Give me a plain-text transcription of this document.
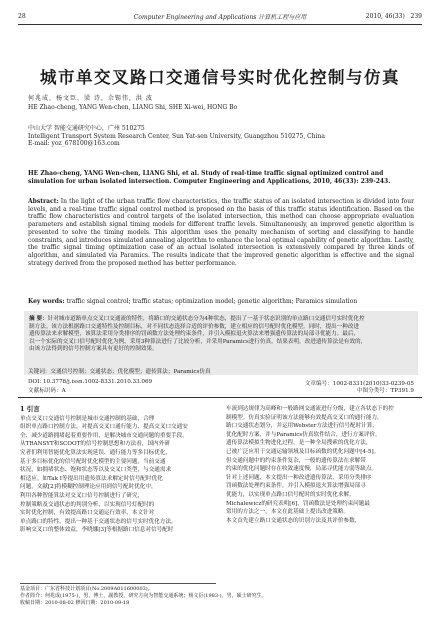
28	Computer Engineering and Applications 计算机工程与应用	2010, 46(33) 239
城市单交叉路口交通信号实时优化控制与仿真
何兆成，杨文臣，梁 诗，佘锡伟，洪 波
HE Zhao-cheng, YANG Wen-chen, LIANG Shi, SHE Xi-wei, HONG Bo
中山大学 智能交通研究中心，广州 510275
Intelligent Transport System Research Center, Sun Yat-sen University, Guangzhou 510275, China
E-mail: yoz_678100@163.com
HE Zhao-cheng, YANG Wen-chen, LIANG Shi, et al. Study of real-time traffic signal optimized control and simulation for urban isolated intersection. Computer Engineering and Applications, 2010, 46(33): 239-243.
Abstract: In the light of the urban traffic flow characteristics, the traffic status of an isolated intersection is divided into four levels, and a real-time traffic signal control method is proposed on the basis of this traffic status identification. Based on the traffic flow characteristics and control targets of the isolated intersection, this method can choose appropriate evaluation parameters and establish signal timing models for different traffic levels. Simultaneously, an improved genetic algorithm is presented to solve the timing models. This algorithm uses the penalty mechanism of sorting and classifying to handle constraints, and introduces simulated annealing algorithm to enhance the local optimal capability of genetic algorithm. Lastly, the traffic signal timing optimization case of an actual isolated intersection is extensively compared by three kinds of algorithm, and simulated via Paramics. The results indicate that the improved genetic algorithm is effective and the signal strategy derived from the proposed method has better performance.
Key words: traffic signal control; traffic status; optimization model; genetic algorithm; Paramics simulation
摘 要：针对城市道路单点交叉口交通流的特性，将路口的交通状态分为4种状态，提出了一基于状态识别的单点路口交通信号实时优化控
制方法。该方法根据路口交通特性及控制目标，对不同状态选择合适的评价参数，建立相应的信号配时优化模型。同时，提出一种改进
遗传算法来求解模型，该算法采用分类排序的罚函数方法处理约束条件，并引入模拟退火算法来增强遗传算法的局部寻优能力。最后，
以一个实际的交叉口信号配时优化为例，采用3种算法进行了比较分析，并采用Paramics进行仿真。结果表明，改进遗传算法是有效的，
由该方法得到的信号控制方案具有更好的控制效果。
关键词：交通信号控制；交通状态；优化模型；遗传算法；Paramics仿真
DOI: 10.3778/j.issn.1002-8331.2010.33.069	文章编号：1002-8331(2010)33-0239-05
文献标识码：A	中图分类号：TP391.9
1 引言
单点交叉口交通信号控制是城市交通控制的基础，合理
组织单点路口控制方法，对提高交叉口通行能力、提高交叉口交通安
全、减少道路拥堵起着重要作用，是解决城市交通问题的重要手段。
从TRANSYT和SCOOT的信号控制思想和方法看，国内外研
究者们利用智能优化算法实现延误、通行能力等多目标优化，
基于多目标优化的信号配时优化模型的主要问题，当前交通
状况，如拥堵状态、饱和状态等以及交叉口类型，与交通需求
相适应。如Tak Ⅰ等提出用遗传算法求解定时信号配时优化
问题，文献[2]将模糊控制理论应用到信号配时优化中，
利用各种智能算法对交叉口信号控制进行了研究，
控制策略及交通状态的判别分析，以实现信号灯配时的
实时优化控制，有效提高路口交通运行效率，本文针对
单点路口的特性，提出一种基于交通状态的信号实时优化方法，
影响交叉口的整体效益，李晓娜[3]等根据路口信息对信号配时
车流到达规律为高峰和一般路网交通流进行分级，建立各状态下的控
制模型。仿真实验证明该方法能够有效提高交叉口的通行能力，
路口交通状态划分，并运用Webster方法进行信号配时计算，
优化配时方案，并与Paramics仿真软件结合，进行方案评价。
遗传算法模拟生物进化过程，是一种全局搜索的优化方法，
已被广泛应用于交通运输领域及目标函数的优化问题中[4-5]。
但交通问题中的约束条件复杂，一般的遗传算法在求解带
约束的优化问题时存在收敛速度慢，局部寻优能力弱等缺点。
针对上述问题，本文提出一种改进遗传算法，采用分类排序
罚函数法处理约束条件，并引入模拟退火算法增强局部寻
优能力，以实现单点路口信号配时的实时优化求解，
Michalewicz的研究表明[6]，罚函数法是处理约束问题最
常用的方法之一，本文在此基础上提出改进策略。
本文首先建立路口交通状态的识别方法及其评价参数，
基金项目：广东省科技计划项目(No.2009A011600003)。
作者简介：何兆成(1975-)，男，博士，副教授，研究方向为智能交通系统；杨文臣(1983-)，男，硕士研究生。
收稿日期：2010-08-02 修回日期：2010-09-18
